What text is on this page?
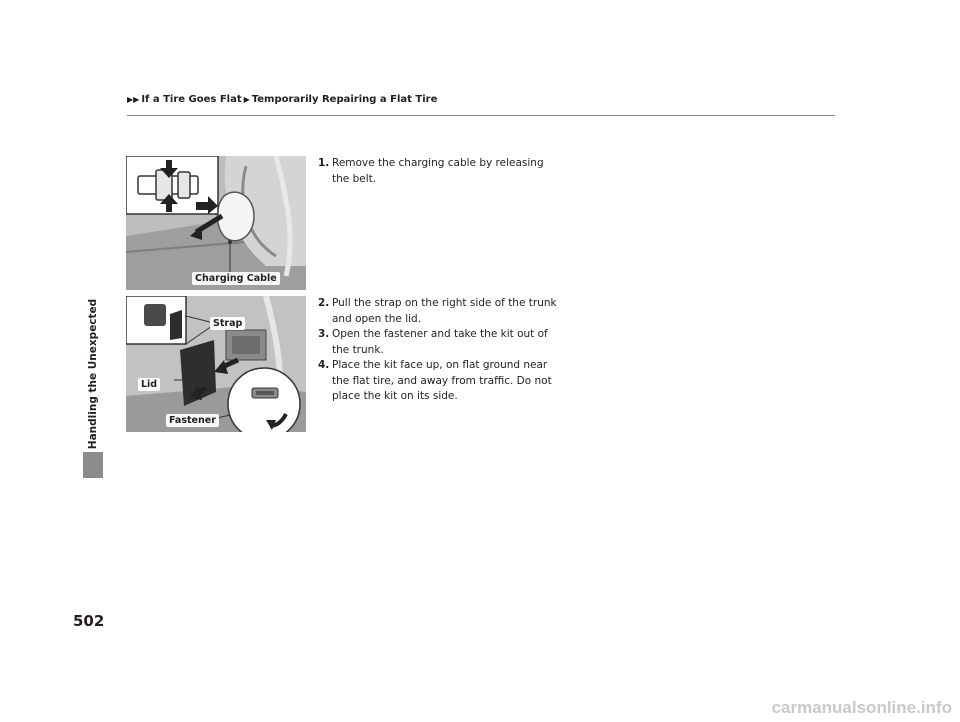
▶▶ If a Tire Goes Flat ▶ Temporarily Repairing a Flat Tire
Handling the Unexpected
Charging Cable
Strap
Lid
Fastener
1. Remove the charging cable by releasing the belt.
2. Pull the strap on the right side of the trunk and open the lid.
3. Open the fastener and take the kit out of the trunk.
4. Place the kit face up, on flat ground near the flat tire, and away from traffic. Do not place the kit on its side.
502
carmanualsonline.info
